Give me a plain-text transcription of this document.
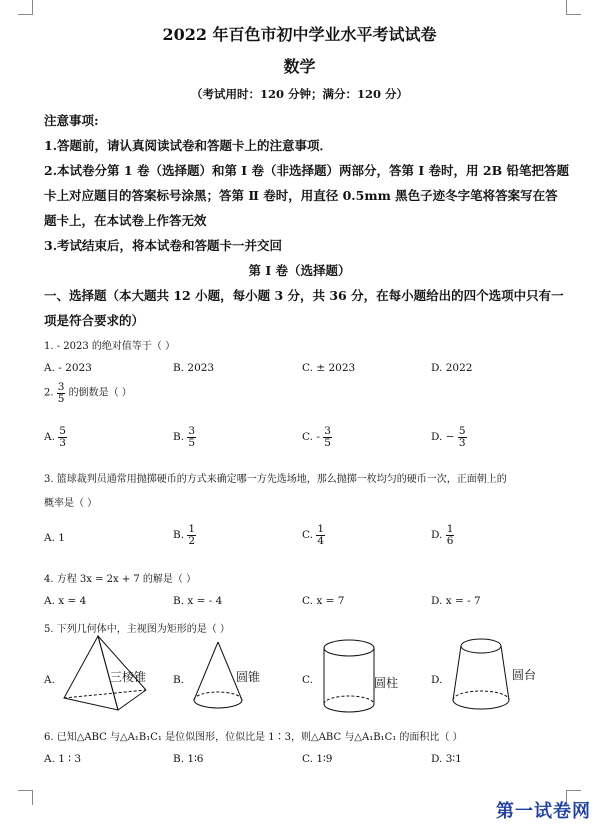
2022 年百色市初中学业水平考试试卷
数学
（考试用时：120 分钟；满分：120 分）
注意事项:
1.答题前，请认真阅读试卷和答题卡上的注意事项．
2.本试卷分第 1 卷（选择题）和第 I 卷（非选择题）两部分，答第 I 卷时，用 2B 铅笔把答题
卡上对应题目的答案标号涂黑；答第 Ⅱ 卷时，用直径 0.5mm 黑色子迹冬字笔将答案写在答
题卡上，在本试卷上作答无效
3.考试结束后，将本试卷和答题卡一并交回
第 I 卷（选择题）
一、选择题（本大题共 12 小题，每小题 3 分，共 36 分，在每小题给出的四个选项中只有一
项是符合要求的）
1. - 2023 的绝对值等于（ ）
A. - 2023	B. 2023	C. ± 2023	D. 2022
2. $\frac{3}{5}$ 的倒数是（ ）
A. $\frac{5}{3}$	B. $\frac{3}{5}$	C. - $\frac{3}{5}$	D. − $\frac{5}{3}$
3. 篮球裁判员通常用抛掷硬币的方式来确定哪一方先选场地，那么抛掷一枚均匀的硬币一次，正面朝上的
概率是（ ）
A. 1	B. $\frac{1}{2}$	C. $\frac{1}{4}$	D. $\frac{1}{6}$
4. 方程 3x = 2x + 7 的解是（ ）
A. x = 4	B. x = - 4	C. x = 7	D. x = - 7
5. 下列几何体中，主视图为矩形的是（ ）
A.	三棱锥	B.	圆锥	C.	圆柱	D.	圆台
6. 已知△ABC 与△A₁B₁C₁ 是位似图形，位似比是 1∶3，则△ABC 与△A₁B₁C₁ 的面积比（ ）
A. 1 ∶ 3	B. 1∶6	C. 1∶9	D. 3∶1
第一试卷网
